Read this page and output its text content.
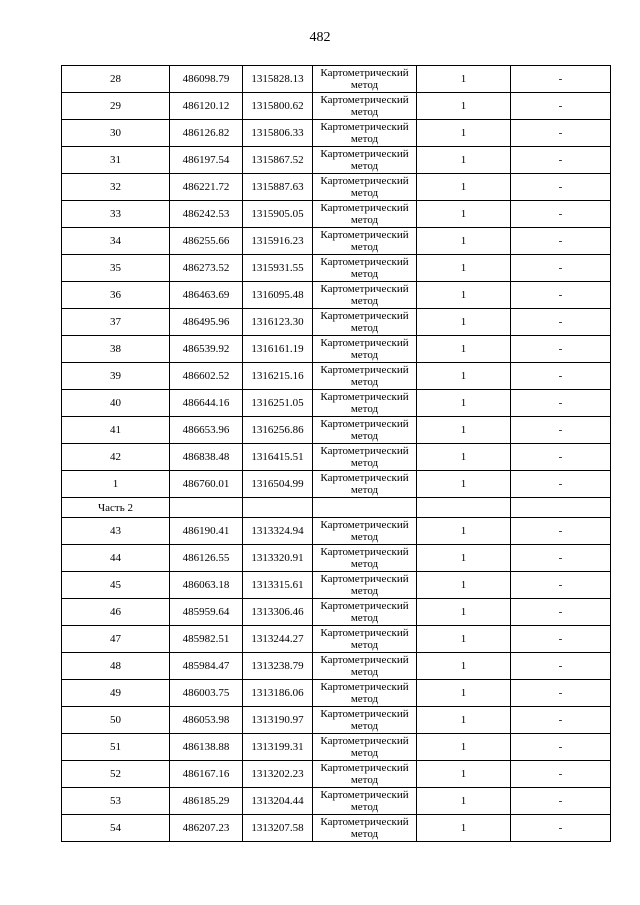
482
28	486098.79	1315828.13	Картометрический метод	1	-
29	486120.12	1315800.62	Картометрический метод	1	-
30	486126.82	1315806.33	Картометрический метод	1	-
31	486197.54	1315867.52	Картометрический метод	1	-
32	486221.72	1315887.63	Картометрический метод	1	-
33	486242.53	1315905.05	Картометрический метод	1	-
34	486255.66	1315916.23	Картометрический метод	1	-
35	486273.52	1315931.55	Картометрический метод	1	-
36	486463.69	1316095.48	Картометрический метод	1	-
37	486495.96	1316123.30	Картометрический метод	1	-
38	486539.92	1316161.19	Картометрический метод	1	-
39	486602.52	1316215.16	Картометрический метод	1	-
40	486644.16	1316251.05	Картометрический метод	1	-
41	486653.96	1316256.86	Картометрический метод	1	-
42	486838.48	1316415.51	Картометрический метод	1	-
1	486760.01	1316504.99	Картометрический метод	1	-
Часть 2					
43	486190.41	1313324.94	Картометрический метод	1	-
44	486126.55	1313320.91	Картометрический метод	1	-
45	486063.18	1313315.61	Картометрический метод	1	-
46	485959.64	1313306.46	Картометрический метод	1	-
47	485982.51	1313244.27	Картометрический метод	1	-
48	485984.47	1313238.79	Картометрический метод	1	-
49	486003.75	1313186.06	Картометрический метод	1	-
50	486053.98	1313190.97	Картометрический метод	1	-
51	486138.88	1313199.31	Картометрический метод	1	-
52	486167.16	1313202.23	Картометрический метод	1	-
53	486185.29	1313204.44	Картометрический метод	1	-
54	486207.23	1313207.58	Картометрический метод	1	-
